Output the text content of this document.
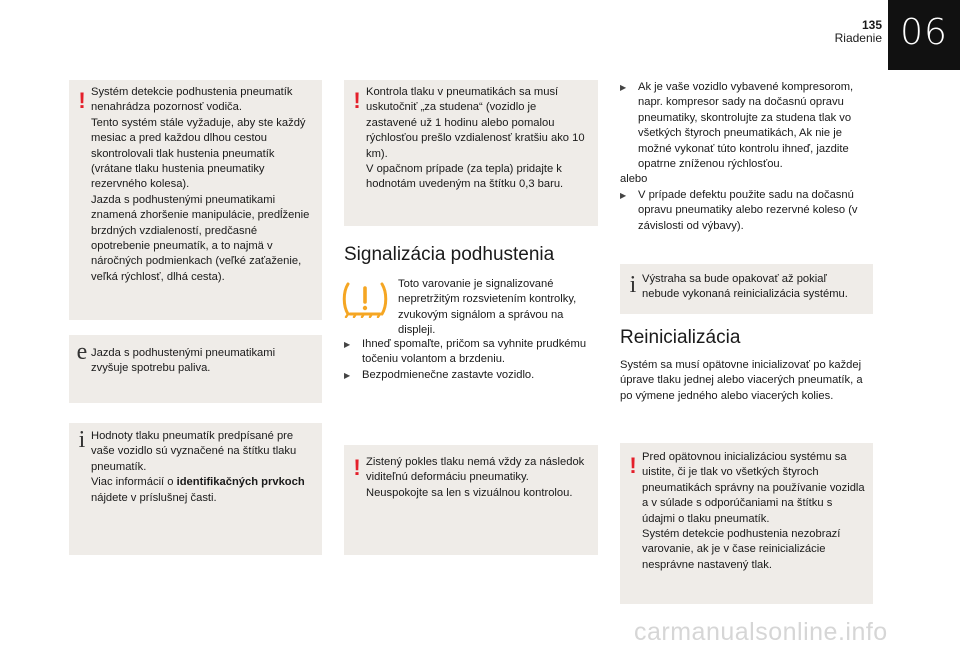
135
Riadenie 06
! Systém detekcie podhustenia pneumatík nenahrádza pozornosť vodiča.
Tento systém stále vyžaduje, aby ste každý mesiac a pred každou dlhou cestou skontrolovali tlak hustenia pneumatík (vrátane tlaku hustenia pneumatiky rezervného kolesa).
Jazda s podhustenými pneumatikami znamená zhoršenie manipulácie, predĺženie brzdných vzdialeností, predčasné opotrebenie pneumatík, a to najmä v náročných podmienkach (veľké zaťaženie, veľká rýchlosť, dlhá cesta).
e Jazda s podhustenými pneumatikami zvyšuje spotrebu paliva.
i Hodnoty tlaku pneumatík predpísané pre vaše vozidlo sú vyznačené na štítku tlaku pneumatík.
Viac informácií o identifikačných prvkoch
nájdete v príslušnej časti.
! Kontrola tlaku v pneumatikách sa musí uskutočniť „za studena“ (vozidlo je zastavené už 1 hodinu alebo pomalou rýchlosťou prešlo vzdialenosť kratšiu ako 10 km).
V opačnom prípade (za tepla) pridajte k hodnotám uvedeným na štítku 0,3 baru.
Signalizácia podhustenia
Toto varovanie je signalizované nepretržitým rozsvietením kontrolky, zvukovým signálom a správou na displeji.
▶ Ihneď spomaľte, pričom sa vyhnite prudkému točeniu volantom a brzdeniu.
▶ Bezpodmienečne zastavte vozidlo.
! Zistený pokles tlaku nemá vždy za následok viditeľnú deformáciu pneumatiky. Neuspokojte sa len s vizuálnou kontrolou.
▶ Ak je vaše vozidlo vybavené kompresorom, napr. kompresor sady na dočasnú opravu pneumatiky, skontrolujte za studena tlak vo všetkých štyroch pneumatikách, Ak nie je možné vykonať túto kontrolu ihneď, jazdite opatrne zníženou rýchlosťou.
alebo
▶ V prípade defektu použite sadu na dočasnú opravu pneumatiky alebo rezervné koleso (v závislosti od výbavy).
i Výstraha sa bude opakovať až pokiaľ nebude vykonaná reinicializácia systému.
Reinicializácia
Systém sa musí opätovne inicializovať po každej úprave tlaku jednej alebo viacerých pneumatík, a po výmene jedného alebo viacerých kolies.
! Pred opätovnou inicializáciou systému sa uistite, či je tlak vo všetkých štyroch pneumatikách správny na používanie vozidla a v súlade s odporúčaniami na štítku s údajmi o tlaku pneumatík.
Systém detekcie podhustenia nezobrazí varovanie, ak je v čase reinicializácie nesprávne nastavený tlak.
carmanualsonline.info
